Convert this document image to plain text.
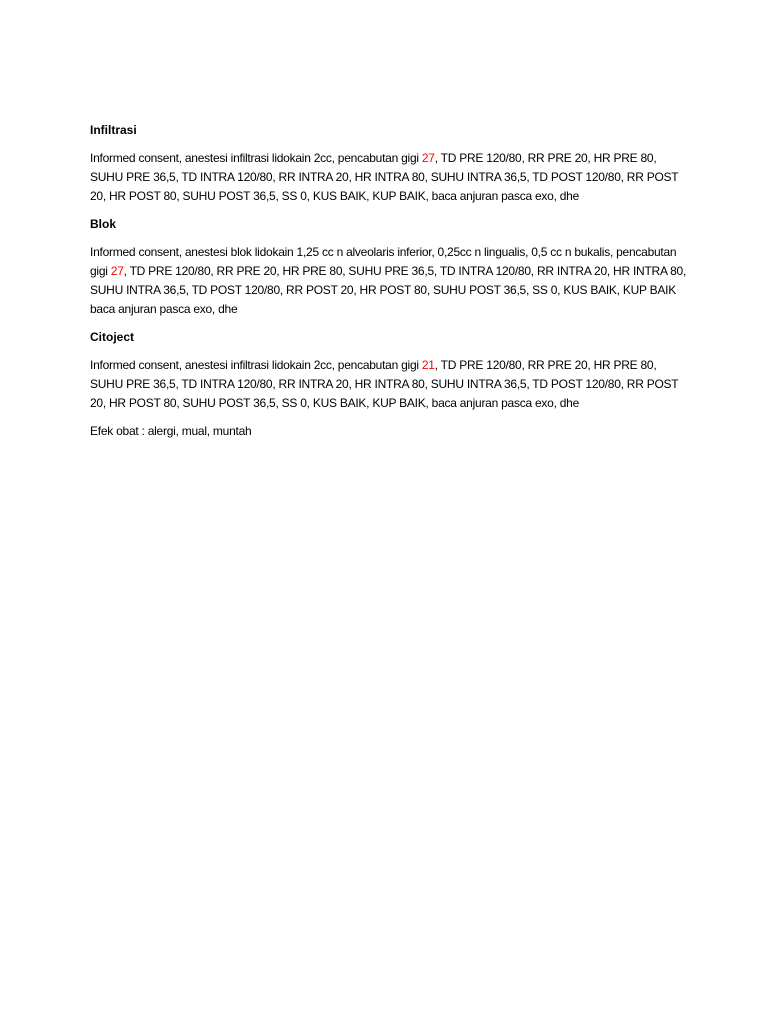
Infiltrasi
Informed consent, anestesi infiltrasi lidokain 2cc, pencabutan gigi 27, TD PRE 120/80, RR PRE 20, HR PRE 80, SUHU PRE 36,5, TD INTRA 120/80, RR INTRA 20, HR INTRA 80, SUHU INTRA 36,5, TD POST 120/80, RR POST 20, HR POST 80, SUHU POST 36,5, SS 0, KUS BAIK, KUP BAIK, baca anjuran pasca exo, dhe
Blok
Informed consent, anestesi blok lidokain 1,25 cc n alveolaris inferior, 0,25cc n lingualis, 0,5 cc n bukalis, pencabutan gigi 27, TD PRE 120/80, RR PRE 20, HR PRE 80, SUHU PRE 36,5, TD INTRA 120/80, RR INTRA 20, HR INTRA 80, SUHU INTRA 36,5, TD POST 120/80, RR POST 20, HR POST 80, SUHU POST 36,5, SS 0, KUS BAIK, KUP BAIK baca anjuran pasca exo, dhe
Citoject
Informed consent, anestesi infiltrasi lidokain 2cc, pencabutan gigi 21, TD PRE 120/80, RR PRE 20, HR PRE 80, SUHU PRE 36,5, TD INTRA 120/80, RR INTRA 20, HR INTRA 80, SUHU INTRA 36,5, TD POST 120/80, RR POST 20, HR POST 80, SUHU POST 36,5, SS 0, KUS BAIK, KUP BAIK, baca anjuran pasca exo, dhe
Efek obat : alergi, mual, muntah
